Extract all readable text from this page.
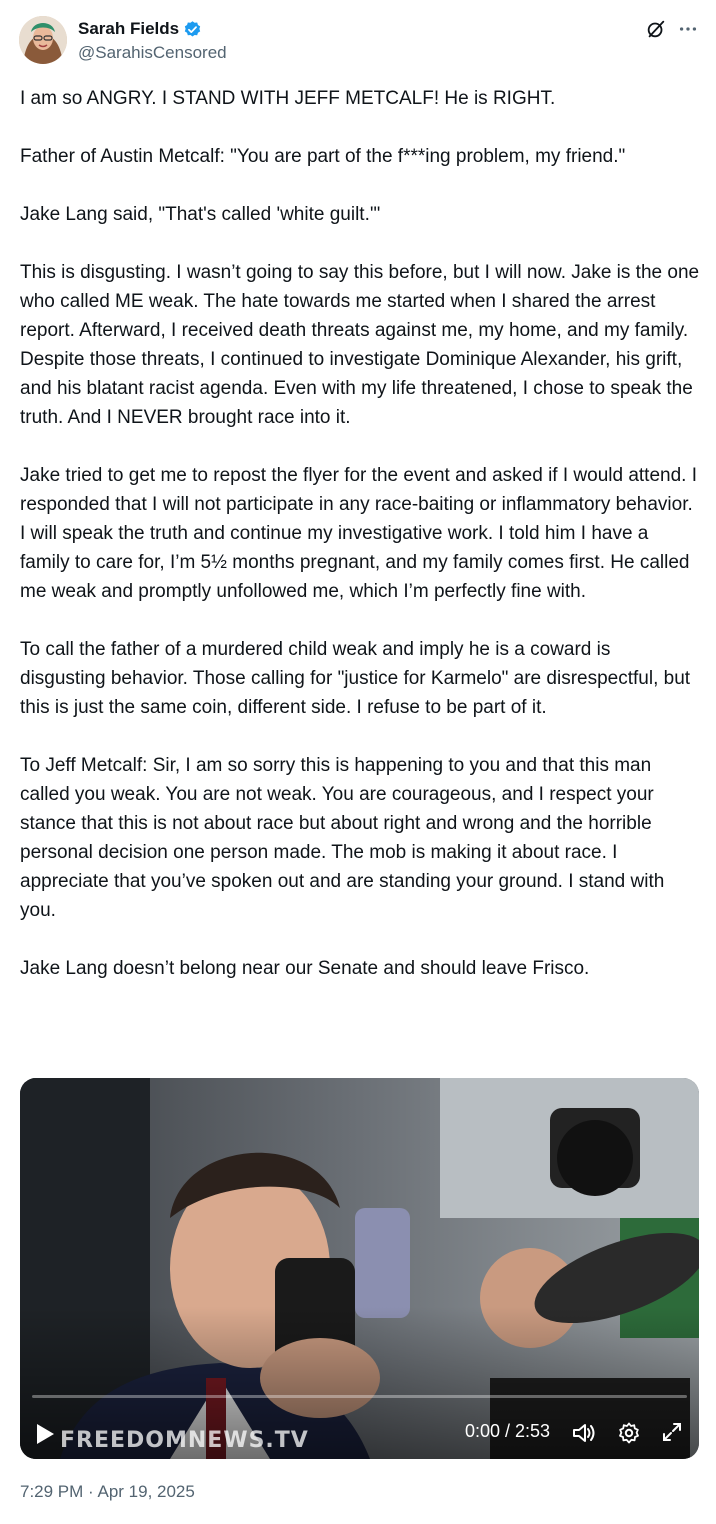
Sarah Fields
@SarahisCensored

I am so ANGRY. I STAND WITH JEFF METCALF! He is RIGHT.

Father of Austin Metcalf: "You are part of the f***ing problem, my friend."

Jake Lang said, "That's called 'white guilt.'"

This is disgusting. I wasn’t going to say this before, but I will now. Jake is the one who called ME weak. The hate towards me started when I shared the arrest report. Afterward, I received death threats against me, my home, and my family. Despite those threats, I continued to investigate Dominique Alexander, his grift, and his blatant racist agenda. Even with my life threatened, I chose to speak the truth. And I NEVER brought race into it.

Jake tried to get me to repost the flyer for the event and asked if I would attend. I responded that I will not participate in any race-baiting or inflammatory behavior. I will speak the truth and continue my investigative work. I told him I have a family to care for, I’m 5½ months pregnant, and my family comes first. He called me weak and promptly unfollowed me, which I’m perfectly fine with.

To call the father of a murdered child weak and imply he is a coward is disgusting behavior. Those calling for "justice for Karmelo" are disrespectful, but this is just the same coin, different side. I refuse to be part of it.

To Jeff Metcalf: Sir, I am so sorry this is happening to you and that this man called you weak. You are not weak. You are courageous, and I respect your stance that this is not about race but about right and wrong and the horrible personal decision one person made. The mob is making it about race. I appreciate that you’ve spoken out and are standing your ground. I stand with you.

Jake Lang doesn’t belong near our Senate and should leave Frisco.

FREEDOMNEWS.TV	0:00 / 2:53
7:29 PM · Apr 19, 2025
